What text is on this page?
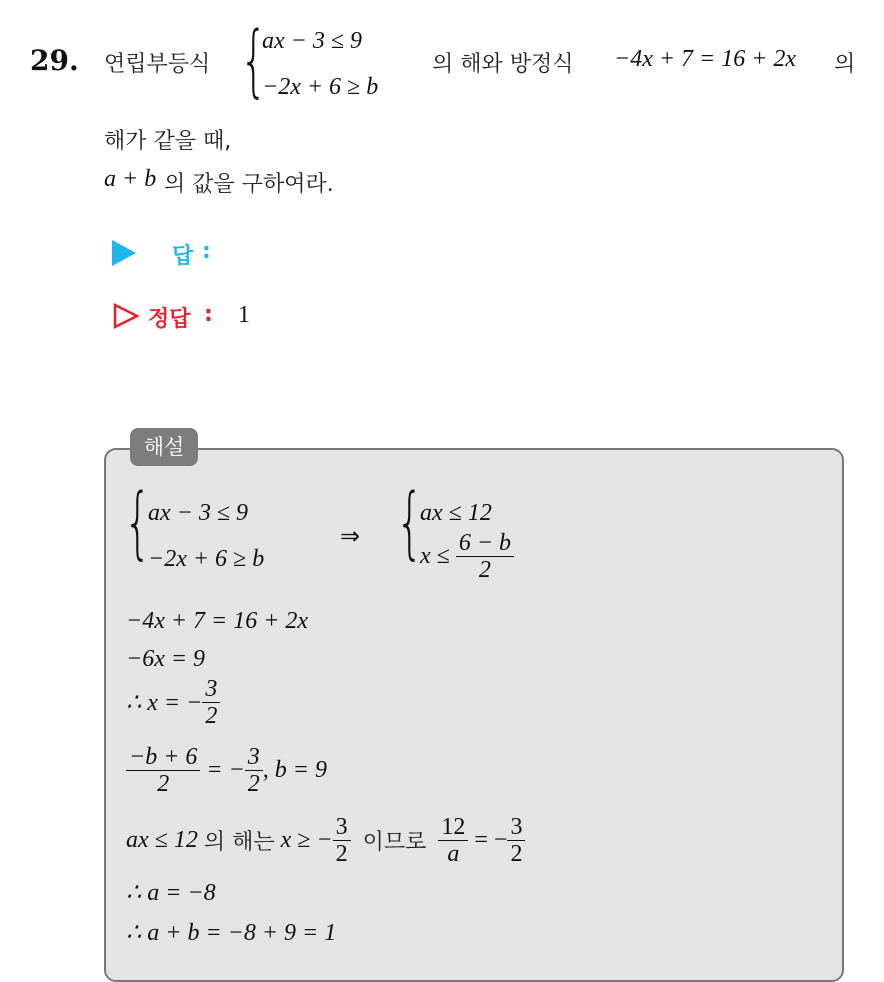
29. 연립부등식 {
ax − 3 ≤ 9
−2x + 6 ≥ b
의 해와 방정식 −4x + 7 = 16 + 2x 의
해가 같을 때,
a + b 의 값을 구하여라.
답 :
정답 : 1
해설
{
ax − 3 ≤ 9
−2x + 6 ≥ b
⇒ {
ax ≤ 12
$x \le \frac{6 - b}{2}$
−4x + 7 = 16 + 2x
−6x = 9
∴ x = − $\frac{3}{2}$
$\frac{-b + 6}{2}$ = − $\frac{3}{2}$ , b = 9
ax ≤ 12 의 해는 x ≥ − $\frac{3}{2}$ 이므로 $\frac{12}{a}$ = − $\frac{3}{2}$
∴ a = −8
∴ a + b = −8 + 9 = 1
